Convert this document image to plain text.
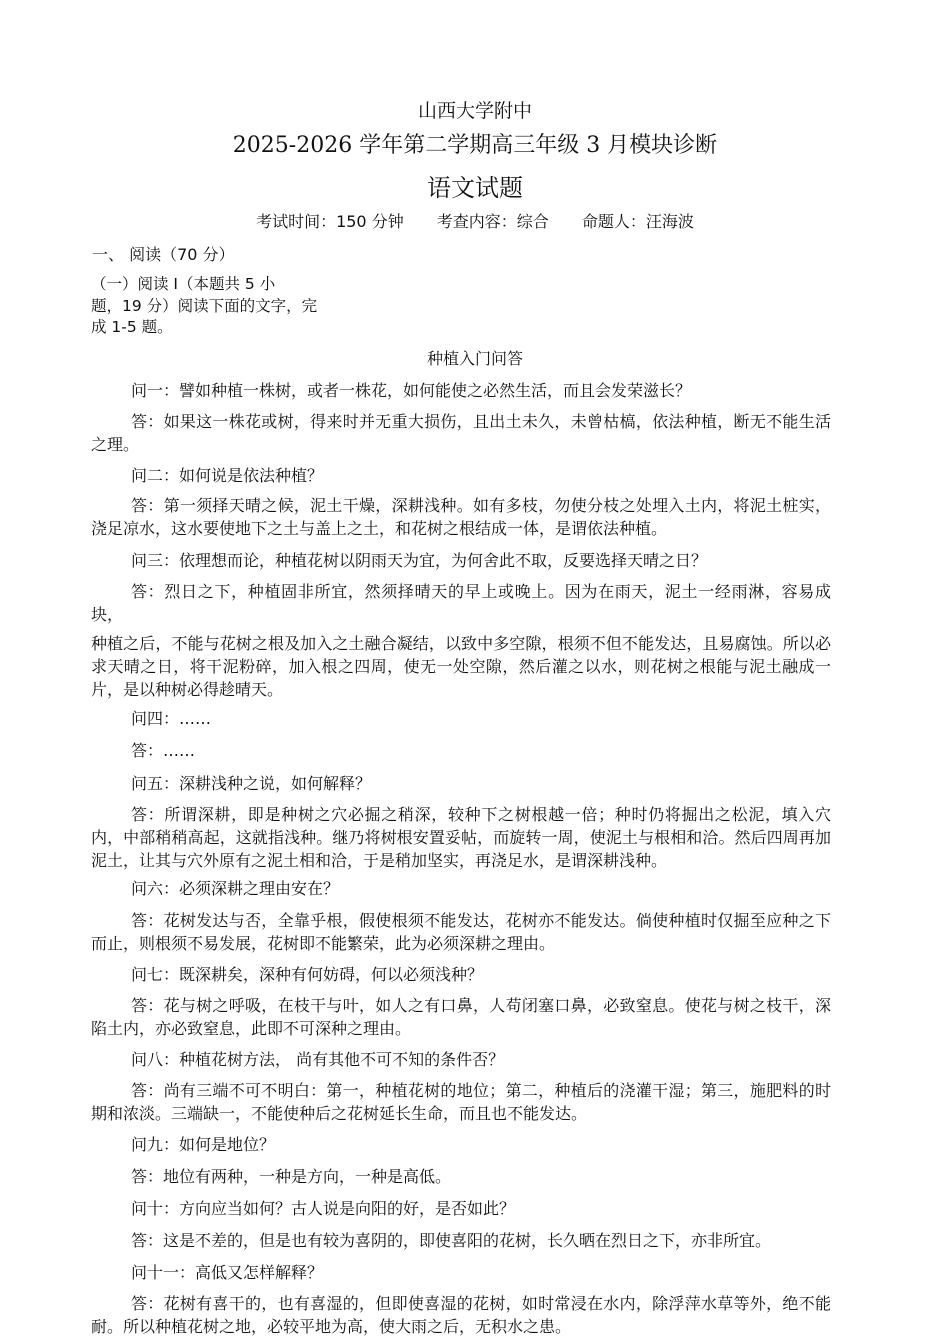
山西大学附中
2025-2026 学年第二学期高三年级 3 月模块诊断
语文试题
考试时间：150 分钟 考查内容：综合 命题人：汪海波
一、 阅读（70 分）
（一）阅读 I（本题共 5 小
题，19 分）阅读下面的文字，完
成 1-5 题。
种植入门问答
问一：譬如种植一株树，或者一株花，如何能使之必然生活，而且会发荣滋长？
答：如果这一株花或树，得来时并无重大损伤，且出土未久，未曾枯槁，依法种植，断无不能生活之理。
问二：如何说是依法种植？
答：第一须择天晴之候，泥土干燥，深耕浅种。如有多枝，勿使分枝之处埋入土内，将泥土桩实，浇足凉水，这水要使地下之土与盖上之土，和花树之根结成一体，是谓依法种植。
问三：依理想而论，种植花树以阴雨天为宜，为何舍此不取，反要选择天晴之日？
答：烈日之下，种植固非所宜，然须择晴天的早上或晚上。因为在雨天，泥土一经雨淋，容易成块，
种植之后，不能与花树之根及加入之土融合凝结，以致中多空隙，根须不但不能发达，且易腐蚀。所以必求天晴之日，将干泥粉碎，加入根之四周，使无一处空隙，然后灌之以水，则花树之根能与泥土融成一片，是以种树必得趁晴天。
问四：……
答：……
问五：深耕浅种之说，如何解释？
答：所谓深耕，即是种树之穴必掘之稍深，较种下之树根越一倍；种时仍将掘出之松泥，填入穴内，中部稍稍高起，这就指浅种。继乃将树根安置妥帖，而旋转一周，使泥土与根相和洽。然后四周再加泥土，让其与穴外原有之泥土相和洽，于是稍加坚实，再浇足水，是谓深耕浅种。
问六：必须深耕之理由安在？
答：花树发达与否，全靠乎根，假使根须不能发达，花树亦不能发达。倘使种植时仅掘至应种之下而止，则根须不易发展，花树即不能繁荣，此为必须深耕之理由。
问七：既深耕矣，深种有何妨碍，何以必须浅种？
答：花与树之呼吸，在枝干与叶，如人之有口鼻，人苟闭塞口鼻，必致窒息。使花与树之枝干，深陷土内，亦必致窒息，此即不可深种之理由。
问八：种植花树方法， 尚有其他不可不知的条件否？
答：尚有三端不可不明白：第一，种植花树的地位；第二，种植后的浇灌干湿；第三，施肥料的时期和浓淡。三端缺一，不能使种后之花树延长生命，而且也不能发达。
问九：如何是地位？
答：地位有两种，一种是方向，一种是高低。
问十：方向应当如何？古人说是向阳的好，是否如此？
答：这是不差的，但是也有较为喜阴的，即使喜阳的花树，长久晒在烈日之下，亦非所宜。
问十一：高低又怎样解释？
答：花树有喜干的，也有喜湿的，但即使喜湿的花树，如时常浸在水内，除浮萍水草等外，绝不能耐。所以种植花树之地，必较平地为高，使大雨之后，无积水之患。
